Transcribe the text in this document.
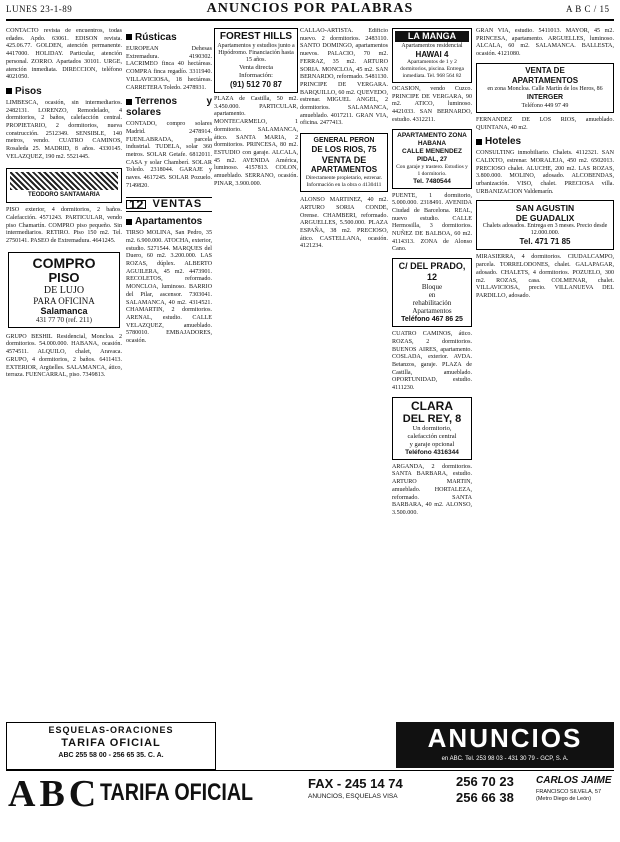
LUNES 23-1-89	ANUNCIOS POR PALABRAS	A B C / 15

CONTACTO revista de encuentros, todas edades. Apdo. 63061. EDISON revista. 425.06.77. GOLDEN, atención permanente. 4417000. HOLIDAY. Particular, atención personal. ZORRO. Apartados 30101. URGE, atención inmediata. DIRECCION, teléfono 4021050.

Pisos

LIMBESCA, ocasión, sin intermediarios. 2482131. LORENZO, Remodelado, 4 dormitorios, 2 baños, calefacción central. PROPIETARIO, 2 dormitorios, nueva construcción. 2512349. SENSIBLE, 140 metros, vendo. CUATRO CAMINOS, Rosaleda 25. MADRID, 8 años. 4330145. VELAZQUEZ, 190 m2. 5521445.

TEODORO SANTAMARIA

PISO exterior, 4 dormitorios, 2 baños. Calefacción. 4571243. PARTICULAR, vendo piso Chamartín. COMPRO piso pequeño. Sin intermediarios. RETIRO. Piso 150 m2. Tel. 2750141. PASEO de Extremadura. 4641245.

COMPRO
PISO
DE LUJO
PARA OFICINA
Salamanca
431 77 70 (ref. 211)

GRUPO BESHIL Residencial, Moncloa. 2 dormitorios. 54.000.000. HABANA, ocasión. 4574511. ALQUILO, chalet, Aravaca. GRUPO, 4 dormitorios, 2 baños. 6411413. EXTERIOR, Argüelles. SALAMANCA, ático, terraza. FUENCARRAL, piso. 7349813.

Rústicas

EUROPEAN Dehesas Extremadura. 4190302. LACRIMEO finca 40 hectáreas. COMPRA finca regadío. 3311940. VILLAVICIOSA, 18 hectáreas. CARRETERA Toledo. 2478931.

Terrenos y solares

CONTADO, compro solares Madrid. 2478914. FUENLABRADA, parcela industrial. TUDELA, solar 360 metros. SOLAR Getafe. 6812011. CASA y solar Chamberí. SOLAR Toledo. 2318044. GARAJE y naves. 4617245. SOLAR Pozuelo. 7149820.

12 VENTAS
Apartamentos

TIRSO MOLINA, San Pedro, 35 m2. 6.900.000. ATOCHA, exterior, estudio. 5271544. MARQUES del Duero, 60 m2. 3.200.000. LAS ROZAS, dúplex. ALBERTO AGUILERA, 45 m2. 4473901. RECOLETOS, reformado. MONCLOA, luminoso. BARRIO del Pilar, ascensor. 7303041. SALAMANCA, 40 m2. 4314521. CHAMARTIN, 2 dormitorios. ARENAL, estudio. CALLE VELAZQUEZ, amueblado. 5780010. EMBAJADORES, ocasión.

ESQUELAS-ORACIONES
TARIFA OFICIAL
ABC 255 58 00 - 256 65 35. C. A.
FOREST HILLS
Apartamentos y estudios junto a Hipódromo. Financiación hasta 15 años.
Venta directa
Información:
(91) 512 70 87

PLAZA de Castilla, 50 m2. 3.450.000. PARTICULAR, apartamento. MONTECARMELO, 1 dormitorio. SALAMANCA, ático. SANTA MARIA, 2 dormitorios. PRINCESA, 80 m2. ESTUDIO con garaje. ALCALA, 45 m2. AVENIDA América, luminoso. 4157813. COLON, amueblado. SERRANO, ocasión. PINAR, 3.900.000.

CALLAO-ARTISTA. Edificio nuevo. 2 dormitorios. 2483110. SANTO DOMINGO, apartamentos nuevos. PALACIO, 70 m2. FERRAZ, 35 m2. ARTURO SORIA. MONCLOA, 45 m2. SAN BERNARDO, reformado. 5481130. PRINCIPE DE VERGARA. BARQUILLO, 60 m2. QUEVEDO, estrenar. MIGUEL ANGEL, 2 dormitorios. SALAMANCA, amueblado. 4017211. GRAN VIA, oficina. 2477413.

GENERAL PERON
DE LOS RIOS, 75
VENTA DE
APARTAMENTOS
Directamente propietario, estrenar. Información en la obra o 4130411

ALONSO MARTINEZ, 40 m2. ARTURO SORIA CONDE, Orense. CHAMBERI, reformado. ARGUELLES, 5.500.000. PLAZA ESPAÑA, 38 m2. PRECIOSO, ático. CASTELLANA, ocasión. 4121234.

LA MANGA
Apartamentos residencial
HAWAI 4
Apartamentos de 1 y 2 dormitorios, piscina. Entrega inmediata. Tel. 968 564 82

OCASION, vendo Cuzco. PRINCIPE DE VERGARA, 90 m2. ATICO, luminoso. 4421033. SAN BERNARDO, estudio. 4312211.

APARTAMENTO ZONA HABANA
CALLE MENENDEZ PIDAL, 27
Con garaje y trastero. Estudios y 1 dormitorio.
Tel. 7480544

PUENTE, 1 dormitorio, 5.000.000. 2318491. AVENIDA Ciudad de Barcelona. REAL, nuevo estudio. CALLE Hermosilla, 3 dormitorios. NUÑEZ DE BALBOA, 60 m2. 4114313. ZONA de Alonso Cano.

C/ DEL PRADO, 12
Bloque
en
rehabilitación
Apartamentos
Teléfono 467 86 25

CUATRO CAMINOS, ático. ROZAS, 2 dormitorios. BUENOS AIRES, apartamento. COSLADA, exterior. AVDA. Betanzos, garaje. PLAZA de Castilla, amueblado. OPORTUNIDAD, estudio. 4111230.

CLARA
DEL REY, 8
Un dormitorio,
calefacción central
y garaje opcional
Teléfono 4316344

ARGANDA, 2 dormitorios. SANTA BARBARA, estudio. ARTURO MARTIN, amueblado. HORTALEZA, reformado. SANTA BARBARA, 40 m2. ALONSO, 3.500.000.

GRAN VIA, estudio. 5411013. MAYOR, 45 m2. PRINCESA, apartamento. ARGUELLES, luminoso. ALCALA, 60 m2. SALAMANCA. BALLESTA, ocasión. 4121080.

VENTA DE
APARTAMENTOS
en zona Moncloa. Calle Martín de los Heros, 86
INTERGER
Teléfono 449 97 49

FERNANDEZ DE LOS RIOS, amueblado. QUINTANA, 40 m2.

Hoteles

CONSULTING inmobiliario. Chalets. 4112321. SAN CALIXTO, estrenar. MORALEJA, 450 m2. 6502013. PRECIOSO chalet. ALUCHE, 200 m2. LAS ROZAS, 3.800.000. MOLINO, adosado. ALCOBENDAS, urbanización. VISO, chalet. PRECIOSA villa. URBANIZACION Valdemarín.

SAN AGUSTIN
DE GUADALIX
Chalets adosados. Entrega en 3 meses. Precio desde 12.000.000.
Tel. 471 71 85

MIRASIERRA, 4 dormitorios. CIUDALCAMPO, parcela. TORRELODONES, chalet. GALAPAGAR, adosado. CHALETS, 4 dormitorios. POZUELO, 300 m2. ROZAS, casa. COLMENAR, chalet. VILLAVICIOSA, precio. VILLANUEVA DEL PARDILLO, adosado.

ANUNCIOS
en ABC. Tel. 253 98 03 - 431 30 79 - GCP, S. A.
ABC TARIFA OFICIAL	FAX - 245 14 74
ANUNCIOS, ESQUELAS VISA
256 70 23
256 66 38
CARLOS JAIME
FRANCISCO SILVELA, 57 (Metro Diego de León)
